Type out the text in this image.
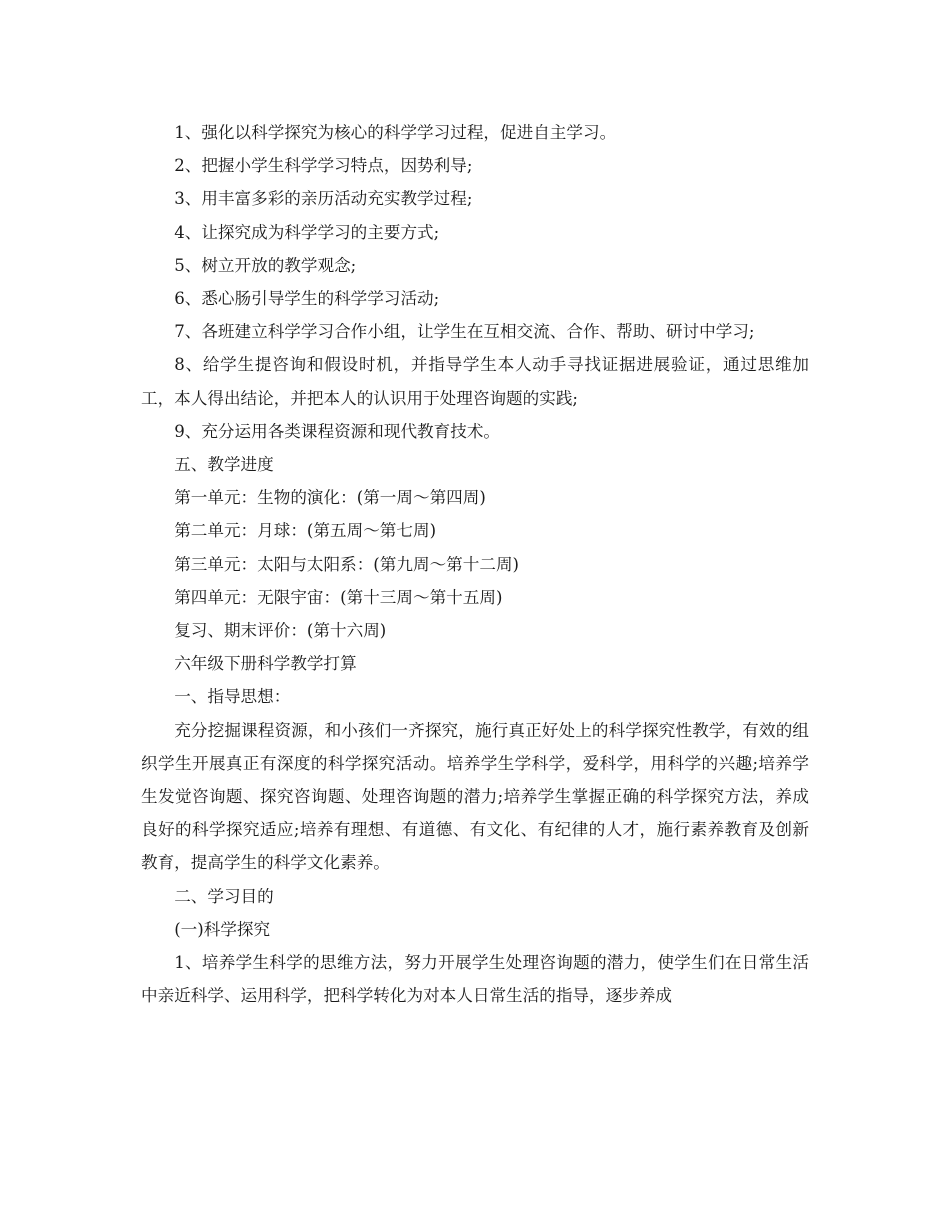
1、强化以科学探究为核心的科学学习过程，促进自主学习。

2、把握小学生科学学习特点，因势利导;

3、用丰富多彩的亲历活动充实教学过程;

4、让探究成为科学学习的主要方式;

5、树立开放的教学观念;

6、悉心肠引导学生的科学学习活动;

7、各班建立科学学习合作小组，让学生在互相交流、合作、帮助、研讨中学习;

8、给学生提咨询和假设时机，并指导学生本人动手寻找证据进展验证，通过思维加工，本人得出结论，并把本人的认识用于处理咨询题的实践;

9、充分运用各类课程资源和现代教育技术。

五、教学进度

第一单元：生物的演化：(第一周～第四周)

第二单元：月球：(第五周～第七周)

第三单元：太阳与太阳系：(第九周～第十二周)

第四单元：无限宇宙：(第十三周～第十五周)

复习、期末评价：(第十六周)

六年级下册科学教学打算

一、指导思想：

充分挖掘课程资源，和小孩们一齐探究，施行真正好处上的科学探究性教学，有效的组织学生开展真正有深度的科学探究活动。培养学生学科学，爱科学，用科学的兴趣;培养学生发觉咨询题、探究咨询题、处理咨询题的潜力;培养学生掌握正确的科学探究方法，养成良好的科学探究适应;培养有理想、有道德、有文化、有纪律的人才，施行素养教育及创新教育，提高学生的科学文化素养。

二、学习目的

(一)科学探究

1、培养学生科学的思维方法，努力开展学生处理咨询题的潜力，使学生们在日常生活中亲近科学、运用科学，把科学转化为对本人日常生活的指导，逐步养成
